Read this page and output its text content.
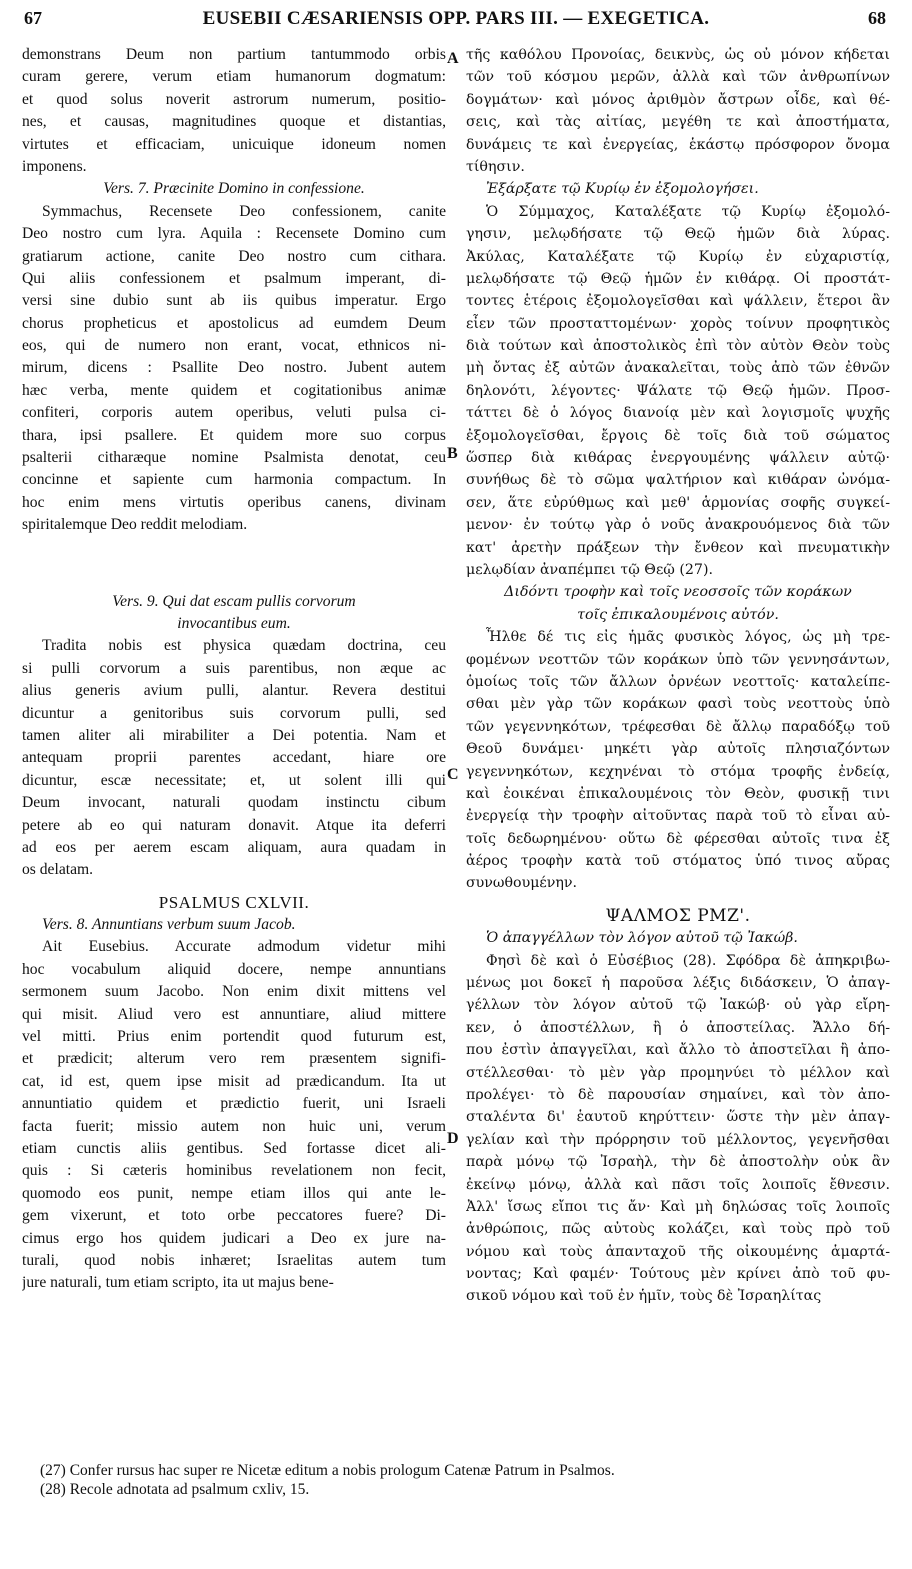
67	EUSEBII CÆSARIENSIS OPP. PARS III. — EXEGETICA.	68
demonstrans Deum non partium tantummodo orbis
curam gerere, verum etiam humanorum dogmatum:
et quod solus noverit astrorum numerum, positio-
nes, et causas, magnitudines quoque et distantias,
virtutes et efficaciam, unicuique idoneum nomen
imponens.
Vers. 7. Præcinite Domino in confessione.
Symmachus, Recensete Deo confessionem, canite
Deo nostro cum lyra. Aquila : Recensete Domino cum
gratiarum actione, canite Deo nostro cum cithara.
Qui aliis confessionem et psalmum imperant, di-
versi sine dubio sunt ab iis quibus imperatur. Ergo
chorus propheticus et apostolicus ad eumdem Deum
eos, qui de numero non erant, vocat, ethnicos ni-
mirum, dicens : Psallite Deo nostro. Jubent autem
hæc verba, mente quidem et cogitationibus animæ
confiteri, corporis autem operibus, veluti pulsa ci-
thara, ipsi psallere. Et quidem more suo corpus
psalterii citharæque nomine Psalmista denotat, ceu
concinne et sapiente cum harmonia compactum. In
hoc enim mens virtutis operibus canens, divinam
spiritalemque Deo reddit melodiam.
Vers. 9. Qui dat escam pullis corvorum
invocantibus eum.
Tradita nobis est physica quædam doctrina, ceu
si pulli corvorum a suis parentibus, non æque ac
alius generis avium pulli, alantur. Revera destitui
dicuntur a genitoribus suis corvorum pulli, sed
tamen aliter ali mirabiliter a Dei potentia. Nam et
antequam proprii parentes accedant, hiare ore
dicuntur, escæ necessitate; et, ut solent illi qui
Deum invocant, naturali quodam instinctu cibum
petere ab eo qui naturam donavit. Atque ita deferri
ad eos per aerem escam aliquam, aura quadam in
os delatam.
PSALMUS CXLVII.
Vers. 8. Annuntians verbum suum Jacob.
Ait Eusebius. Accurate admodum videtur mihi
hoc vocabulum aliquid docere, nempe annuntians
sermonem suum Jacobo. Non enim dixit mittens vel
qui misit. Aliud vero est annuntiare, aliud mittere
vel mitti. Prius enim portendit quod futurum est,
et prædicit; alterum vero rem præsentem signifi-
cat, id est, quem ipse misit ad prædicandum. Ita ut
annuntiatio quidem et prædictio fuerit, uni Israeli
facta fuerit; missio autem non huic uni, verum
etiam cunctis aliis gentibus. Sed fortasse dicet ali-
quis : Si cæteris hominibus revelationem non fecit,
quomodo eos punit, nempe etiam illos qui ante le-
gem vixerunt, et toto orbe peccatores fuere? Di-
cimus ergo hos quidem judicari a Deo ex jure na-
turali, quod nobis inhæret; Israelitas autem tum
jure naturali, tum etiam scripto, ita ut majus bene-
τῆς καθόλου Προνοίας, δεικνὺς, ὡς οὐ μόνον κήδεται
τῶν τοῦ κόσμου μερῶν, ἀλλὰ καὶ τῶν ἀνθρωπίνων
δογμάτων· καὶ μόνος ἀριθμὸν ἄστρων οἶδε, καὶ θέ-
σεις, καὶ τὰς αἰτίας, μεγέθη τε καὶ ἀποστήματα,
δυνάμεις τε καὶ ἐνεργείας, ἑκάστῳ πρόσφορον ὄνομα
τίθησιν.
Ἐξάρξατε τῷ Κυρίῳ ἐν ἐξομολογήσει.
Ὁ Σύμμαχος, Καταλέξατε τῷ Κυρίῳ ἐξομολό-
γησιν, μελῳδήσατε τῷ Θεῷ ἡμῶν διὰ λύρας.
Ἀκύλας, Καταλέξατε τῷ Κυρίῳ ἐν εὐχαριστίᾳ,
μελῳδήσατε τῷ Θεῷ ἡμῶν ἐν κιθάρᾳ. Οἱ προστάτ-
τοντες ἑτέροις ἐξομολογεῖσθαι καὶ ψάλλειν, ἕτεροι ἂν
εἶεν τῶν προσταττομένων· χορὸς τοίνυν προφητικὸς
διὰ τούτων καὶ ἀποστολικὸς ἐπὶ τὸν αὐτὸν Θεὸν τοὺς
μὴ ὄντας ἐξ αὐτῶν ἀνακαλεῖται, τοὺς ἀπὸ τῶν ἐθνῶν
δηλονότι, λέγοντες· Ψάλατε τῷ Θεῷ ἡμῶν. Προσ-
τάττει δὲ ὁ λόγος διανοίᾳ μὲν καὶ λογισμοῖς ψυχῆς
ἐξομολογεῖσθαι, ἔργοις δὲ τοῖς διὰ τοῦ σώματος
ὥσπερ διὰ κιθάρας ἐνεργουμένης ψάλλειν αὐτῷ·
συνήθως δὲ τὸ σῶμα ψαλτήριον καὶ κιθάραν ὠνόμα-
σεν, ἅτε εὐρύθμως καὶ μεθ' ἁρμονίας σοφῆς συγκεί-
μενον· ἐν τούτῳ γὰρ ὁ νοῦς ἀνακρουόμενος διὰ τῶν
κατ' ἀρετὴν πράξεων τὴν ἔνθεον καὶ πνευματικὴν
μελῳδίαν ἀναπέμπει τῷ Θεῷ (27).
Διδόντι τροφὴν καὶ τοῖς νεοσσοῖς τῶν κοράκων
τοῖς ἐπικαλουμένοις αὐτόν.
Ἦλθε δέ τις εἰς ἡμᾶς φυσικὸς λόγος, ὡς μὴ τρε-
φομένων νεοττῶν τῶν κοράκων ὑπὸ τῶν γεννησάντων,
ὁμοίως τοῖς τῶν ἄλλων ὀρνέων νεοττοῖς· καταλείπε-
σθαι μὲν γὰρ τῶν κοράκων φασὶ τοὺς νεοττοὺς ὑπὸ
τῶν γεγεννηκότων, τρέφεσθαι δὲ ἄλλῳ παραδόξῳ τοῦ
Θεοῦ δυνάμει· μηκέτι γὰρ αὐτοῖς πλησιαζόντων
γεγεννηκότων, κεχηνέναι τὸ στόμα τροφῆς ἐνδείᾳ,
καὶ ἐοικέναι ἐπικαλουμένοις τὸν Θεὸν, φυσικῇ τινι
ἐνεργείᾳ τὴν τροφὴν αἰτοῦντας παρὰ τοῦ τὸ εἶναι αὐ-
τοῖς δεδωρημένου· οὕτω δὲ φέρεσθαι αὐτοῖς τινα ἐξ
ἀέρος τροφὴν κατὰ τοῦ στόματος ὑπό τινος αὔρας
συνωθουμένην.
ΨΑΛΜΟΣ ΡΜΖ'.
Ὁ ἀπαγγέλλων τὸν λόγον αὐτοῦ τῷ Ἰακώβ.
Φησὶ δὲ καὶ ὁ Εὐσέβιος (28). Σφόδρα δὲ ἀπηκριβω-
μένως μοι δοκεῖ ἡ παροῦσα λέξις διδάσκειν, Ὁ ἀπαγ-
γέλλων τὸν λόγον αὐτοῦ τῷ Ἰακώβ· οὐ γὰρ εἴρη-
κεν, ὁ ἀποστέλλων, ἢ ὁ ἀποστείλας. Ἄλλο δή-
που ἐστὶν ἀπαγγεῖλαι, καὶ ἄλλο τὸ ἀποστεῖλαι ἢ ἀπο-
στέλλεσθαι· τὸ μὲν γὰρ προμηνύει τὸ μέλλον καὶ
προλέγει· τὸ δὲ παρουσίαν σημαίνει, καὶ τὸν ἀπο-
σταλέντα δι' ἑαυτοῦ κηρύττειν· ὥστε τὴν μὲν ἀπαγ-
γελίαν καὶ τὴν πρόρρησιν τοῦ μέλλοντος, γεγενῆσθαι
παρὰ μόνῳ τῷ Ἰσραὴλ, τὴν δὲ ἀποστολὴν οὐκ ἂν
ἐκείνῳ μόνῳ, ἀλλὰ καὶ πᾶσι τοῖς λοιποῖς ἔθνεσιν.
Ἀλλ' ἴσως εἴποι τις ἄν· Καὶ μὴ δηλώσας τοῖς λοιποῖς
ἀνθρώποις, πῶς αὐτοὺς κολάζει, καὶ τοὺς πρὸ τοῦ
νόμου καὶ τοὺς ἁπανταχοῦ τῆς οἰκουμένης ἁμαρτά-
νοντας; Καὶ φαμέν· Τούτους μὲν κρίνει ἀπὸ τοῦ φυ-
σικοῦ νόμου καὶ τοῦ ἐν ἡμῖν, τοὺς δὲ Ἰσραηλίτας
A
B
C
D
(27) Confer rursus hac super re Nicetæ editum a nobis prologum Catenæ Patrum in Psalmos.
(28) Recole adnotata ad psalmum cxliv, 15.
